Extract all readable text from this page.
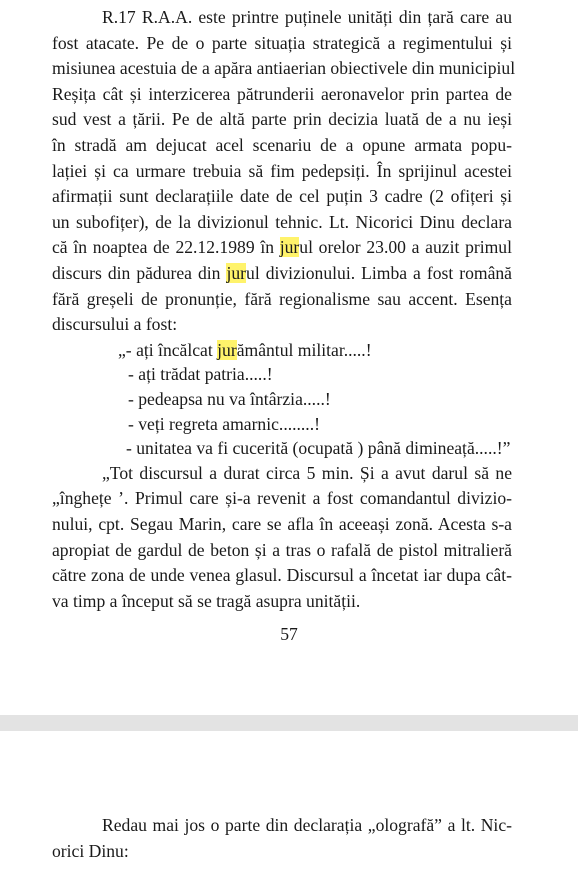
R.17 R.A.A. este printre puținele unități din țară care au
fost atacate. Pe de o parte situația strategică a regimentului și
misiunea acestuia de a apăra antiaerian obiectivele din municipiul
Reșița cât și interzicerea pătrunderii aeronavelor prin partea de
sud vest a țării. Pe de altă parte prin decizia luată de a nu ieși
în stradă am dejucat acel scenariu de a opune armata popu-
lației și ca urmare trebuia să fim pedepsiți. În sprijinul acestei
afirmații sunt declarațiile date de cel puțin 3 cadre (2 ofițeri și
un subofițer), de la divizionul tehnic. Lt. Nicorici Dinu declara
că în noaptea de 22.12.1989 în jurul orelor 23.00 a auzit primul
discurs din pădurea din jurul divizionului. Limba a fost română
fără greșeli de pronunție, fără regionalisme sau accent. Esența
discursului a fost:
„- ați încălcat jurământul militar.....!
- ați trădat patria.....!
- pedeapsa nu va întârzia.....!
- veți regreta amarnic........!
- unitatea va fi cucerită (ocupată ) până dimineață.....!”
„Tot discursul a durat circa 5 min. Și a avut darul să ne
„înghețe ’. Primul care și-a revenit a fost comandantul divizio-
nului, cpt. Segau Marin, care se afla în aceeași zonă. Acesta s-a
apropiat de gardul de beton și a tras o rafală de pistol mitralieră
către zona de unde venea glasul. Discursul a încetat iar dupa cât-
va timp a început să se tragă asupra unității.
57
Redau mai jos o parte din declarația „olografă” a lt. Nic-
orici Dinu:
